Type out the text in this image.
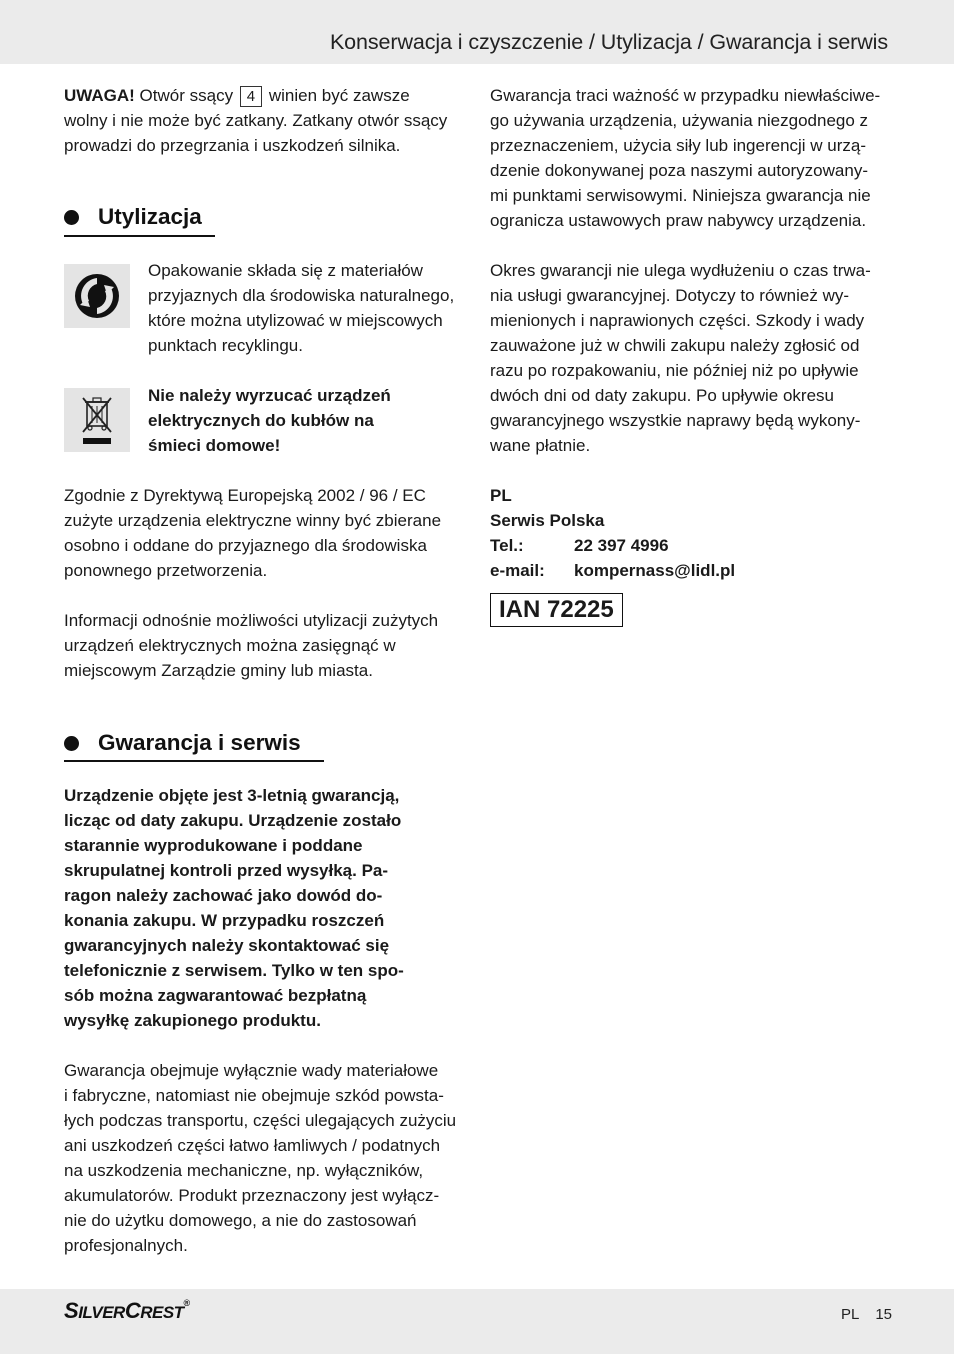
Konserwacja i czyszczenie / Utylizacja / Gwarancja i serwis

UWAGA! Otwór ssący 4 winien być zawsze

wolny i nie może być zatkany. Zatkany otwór ssący

prowadzi do przegrzania i uszkodzeń silnika.

Utylizacja

Opakowanie składa się z materiałów

przyjaznych dla środowiska naturalnego,

które można utylizować w miejscowych

punktach recyklingu.

Nie należy wyrzucać urządzeń

elektrycznych do kubłów na

śmieci domowe!

Zgodnie z Dyrektywą Europejską 2002 / 96 / EC

zużyte urządzenia elektryczne winny być zbierane

osobno i oddane do przyjaznego dla środowiska

ponownego przetworzenia.

Informacji odnośnie możliwości utylizacji zużytych

urządzeń elektrycznych można zasięgnąć w

miejscowym Zarządzie gminy lub miasta.

Gwarancja i serwis

Urządzenie objęte jest 3-letnią gwarancją,

licząc od daty zakupu. Urządzenie zostało

starannie wyprodukowane i poddane

skrupulatnej kontroli przed wysyłką. Pa-

ragon należy zachować jako dowód do-

konania zakupu. W przypadku roszczeń

gwarancyjnych należy skontaktować się

telefonicznie z serwisem. Tylko w ten spo-

sób można zagwarantować bezpłatną

wysyłkę zakupionego produktu.

Gwarancja obejmuje wyłącznie wady materiałowe

i fabryczne, natomiast nie obejmuje szkód powsta-

łych podczas transportu, części ulegających zużyciu

ani uszkodzeń części łatwo łamliwych / podatnych

na uszkodzenia mechaniczne, np. wyłączników,

akumulatorów. Produkt przeznaczony jest wyłącz-

nie do użytku domowego, a nie do zastosowań

profesjonalnych.

Gwarancja traci ważność w przypadku niewłaściwe-

go używania urządzenia, używania niezgodnego z

przeznaczeniem, użycia siły lub ingerencji w urzą-

dzenie dokonywanej poza naszymi autoryzowany-

mi punktami serwisowymi. Niniejsza gwarancja nie

ogranicza ustawowych praw nabywcy urządzenia.

Okres gwarancji nie ulega wydłużeniu o czas trwa-

nia usługi gwarancyjnej. Dotyczy to również wy-

mienionych i naprawionych części. Szkody i wady

zauważone już w chwili zakupu należy zgłosić od

razu po rozpakowaniu, nie później niż po upływie

dwóch dni od daty zakupu. Po upływie okresu

gwarancyjnego wszystkie naprawy będą wykony-

wane płatnie.

PL

Serwis Polska

Tel.:	22 397 4996
e-mail:	kompernass@lidl.pl
IAN 72225
SILVERCREST®
PL 15
